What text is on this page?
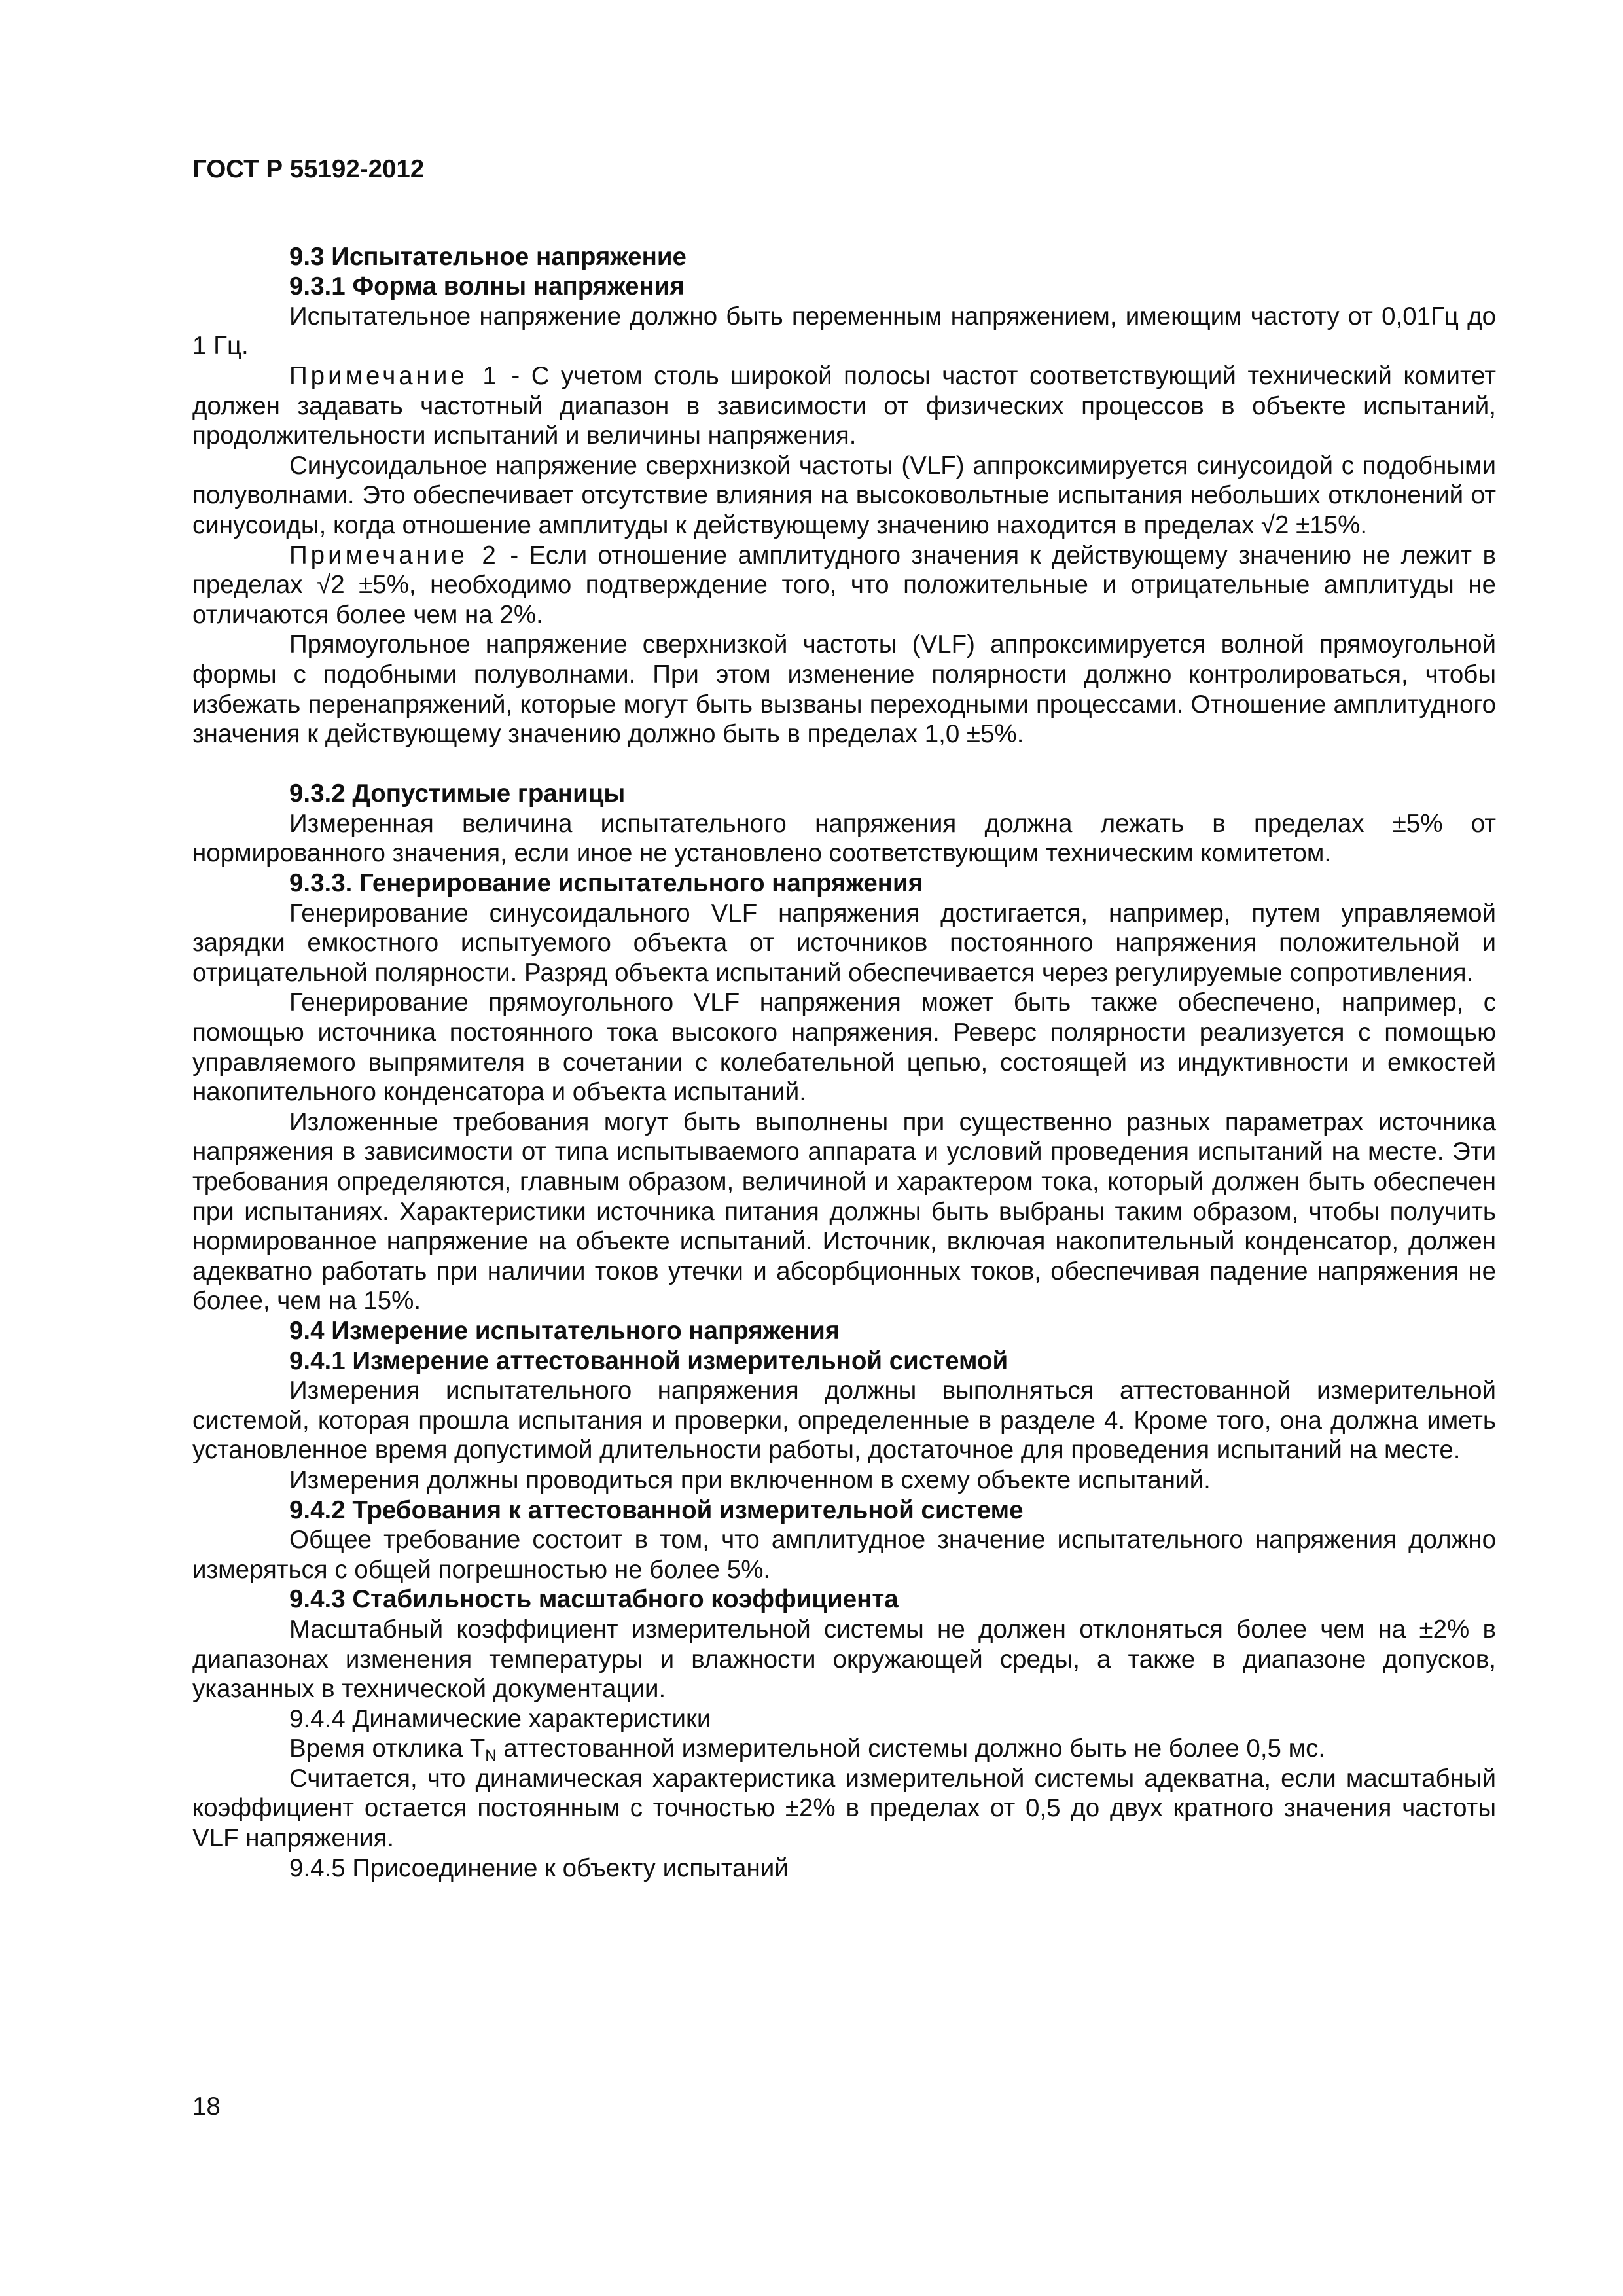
ГОСТ Р 55192-2012
9.3 Испытательное напряжение
9.3.1 Форма волны напряжения
Испытательное напряжение должно быть переменным напряжением, имеющим частоту от 0,01Гц до 1 Гц.
Примечание 1 - С учетом столь широкой полосы частот соответствующий технический комитет должен задавать частотный диапазон в зависимости от физических процессов в объекте испытаний, продолжительности испытаний и величины напряжения.
Синусоидальное напряжение сверхнизкой частоты (VLF) аппроксимируется синусоидой с подобными полуволнами. Это обеспечивает отсутствие влияния на высоковольтные испытания небольших отклонений от синусоиды, когда отношение амплитуды к действующему значению находится в пределах √2 ±15%.
Примечание 2 - Если отношение амплитудного значения к действующему значению не лежит в пределах √2 ±5%, необходимо подтверждение того, что положительные и отрицательные амплитуды не отличаются более чем на 2%.
Прямоугольное напряжение сверхнизкой частоты (VLF) аппроксимируется волной прямоугольной формы с подобными полуволнами. При этом изменение полярности должно контролироваться, чтобы избежать перенапряжений, которые могут быть вызваны переходными процессами. Отношение амплитудного значения к действующему значению должно быть в пределах 1,0 ±5%.
9.3.2 Допустимые границы
Измеренная величина испытательного напряжения должна лежать в пределах ±5% от нормированного значения, если иное не установлено соответствующим техническим комитетом.
9.3.3. Генерирование испытательного напряжения
Генерирование синусоидального VLF напряжения достигается, например, путем управляемой зарядки емкостного испытуемого объекта от источников постоянного напряжения положительной и отрицательной полярности. Разряд объекта испытаний обеспечивается через регулируемые сопротивления.
Генерирование прямоугольного VLF напряжения может быть также обеспечено, например, с помощью источника постоянного тока высокого напряжения. Реверс полярности реализуется с помощью управляемого выпрямителя в сочетании с колебательной цепью, состоящей из индуктивности и емкостей накопительного конденсатора и объекта испытаний.
Изложенные требования могут быть выполнены при существенно разных параметрах источника напряжения в зависимости от типа испытываемого аппарата и условий проведения испытаний на месте. Эти требования определяются, главным образом, величиной и характером тока, который должен быть обеспечен при испытаниях. Характеристики источника питания должны быть выбраны таким образом, чтобы получить нормированное напряжение на объекте испытаний. Источник, включая накопительный конденсатор, должен адекватно работать при наличии токов утечки и абсорбционных токов, обеспечивая падение напряжения не более, чем на 15%.
9.4 Измерение испытательного напряжения
9.4.1 Измерение аттестованной измерительной системой
Измерения испытательного напряжения должны выполняться аттестованной измерительной системой, которая прошла испытания и проверки, определенные в разделе 4. Кроме того, она должна иметь установленное время допустимой длительности работы, достаточное для проведения испытаний на месте.
Измерения должны проводиться при включенном в схему объекте испытаний.
9.4.2 Требования к аттестованной измерительной системе
Общее требование состоит в том, что амплитудное значение испытательного напряжения должно измеряться с общей погрешностью не более 5%.
9.4.3 Стабильность масштабного коэффициента
Масштабный коэффициент измерительной системы не должен отклоняться более чем на ±2% в диапазонах изменения температуры и влажности окружающей среды, а также в диапазоне допусков, указанных в технической документации.
9.4.4 Динамические характеристики
Время отклика $T_N$ аттестованной измерительной системы должно быть не более 0,5 мс.
Считается, что динамическая характеристика измерительной системы адекватна, если масштабный коэффициент остается постоянным с точностью ±2% в пределах от 0,5 до двух кратного значения частоты VLF напряжения.
9.4.5 Присоединение к объекту испытаний
18
